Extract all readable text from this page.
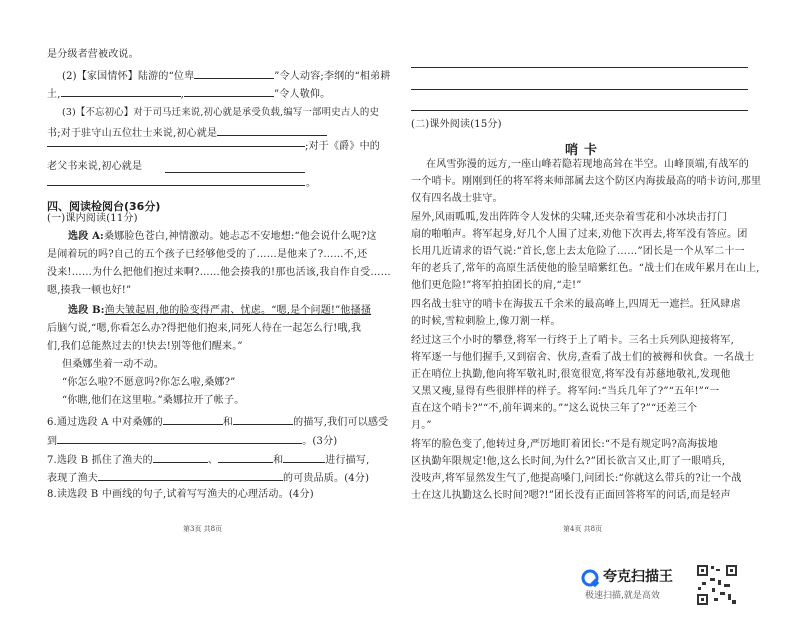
是分级者营被改说。
(2)【家国情怀】陆游的“位卑	”令人动容;李纲的“相弟耕
土,	,	”令人敬仰。
(3)【不忘初心】对于司马迁来说,初心就是承受负载,编写一部明史古人的史
书;对于驻守山五位壮士来说,初心就是
;对于《爵》中的
老父书来说,初心就是
。
四、阅读检阅台(36分)
(一)课内阅读(11分)
选段 A:桑娜脸色苍白,神情激动。她忐忑不安地想:“他会说什么呢?这
是闹着玩的吗?自己的五个孩子已经够他受的了……是他来了?……不,还
没来!……为什么把他们抱过来啊?……他会揍我的!那也活该,我自作自受……
嗯,揍我一顿也好!”
选段 B:渔夫皱起眉,他的脸变得严肃、忧虑。“嗯,是个问题!”他搔搔
后脑勺说,“嗯,你看怎么办?得把他们抱来,同死人待在一起怎么行!哦,我
们,我们总能熬过去的!快去!别等他们醒来。”
但桑娜坐着一动不动。
“你怎么啦?不愿意吗?你怎么啦,桑娜?”
“你瞧,他们在这里啦。”桑娜拉开了帐子。
6.通过选段 A 中对桑娜的	和	的描写,我们可以感受
到	。(3分)
7.选段 B 抓住了渔夫的	、	和	进行描写,
表现了渔夫	的可贵品质。(4分)
8.读选段 B 中画线的句子,试着写写渔夫的心理活动。(4分)
第3页 共8页
(二)课外阅读(15分)
哨卡
在风雪弥漫的远方,一座山峰若隐若现地高耸在半空。山峰顶端,有战军的
一个哨卡。刚刚到任的将军将来师部属去这个防区内海拔最高的哨卡访问,那里
仅有四名战士驻守。
屋外,风雨呱呱,发出阵阵令人发怵的尖啸,还夹杂着雪花和小冰块击打门
扇的啪啪声。将军起身,好几个人围了过来,劝他下次再去,将军没有答应。团
长用几近请求的语气说:“首长,您上去太危险了……”团长是一个从军二十一
年的老兵了,常年的高原生活使他的脸呈暗紫红色。“战士们在成年累月在山上,
他们更危险!”将军拍拍团长的肩,“走!”
四名战士驻守的哨卡在海拔五千余米的最高峰上,四周无一遮拦。狂风肆虐
的时候,雪粒刺脸上,像刀割一样。
经过这三个小时的攀登,将军一行终于上了哨卡。三名士兵列队迎接将军,
将军逐一与他们握手,又到宿舍、伙房,查看了战士们的被褥和伙食。一名战士
正在哨位上执勤,他向将军敬礼时,很宽很宽,将军没有苏慈地敬礼,发现他
又黑又瘦,显得有些很胖样的样子。将军问:“当兵几年了?”“五年!”“一
直在这个哨卡?”“不,前年调来的。”“这么说快三年了?”“还差三个
月。”
将军的脸色变了,他转过身,严厉地盯着团长:“不是有规定吗?高海拔地
区执勤年限规定!他,这么长时间,为什么?”团长欲言又止,盯了一眼哨兵,
没吱声,将军显然发生气了,他提高嗓门,问团长:“你就这么带兵的?让一个战
士在这儿执勤这么长时间?嗯?!”团长没有正面回答将军的问话,而是轻声
第4页 共8页
夸克扫描王
极速扫描,就是高效
